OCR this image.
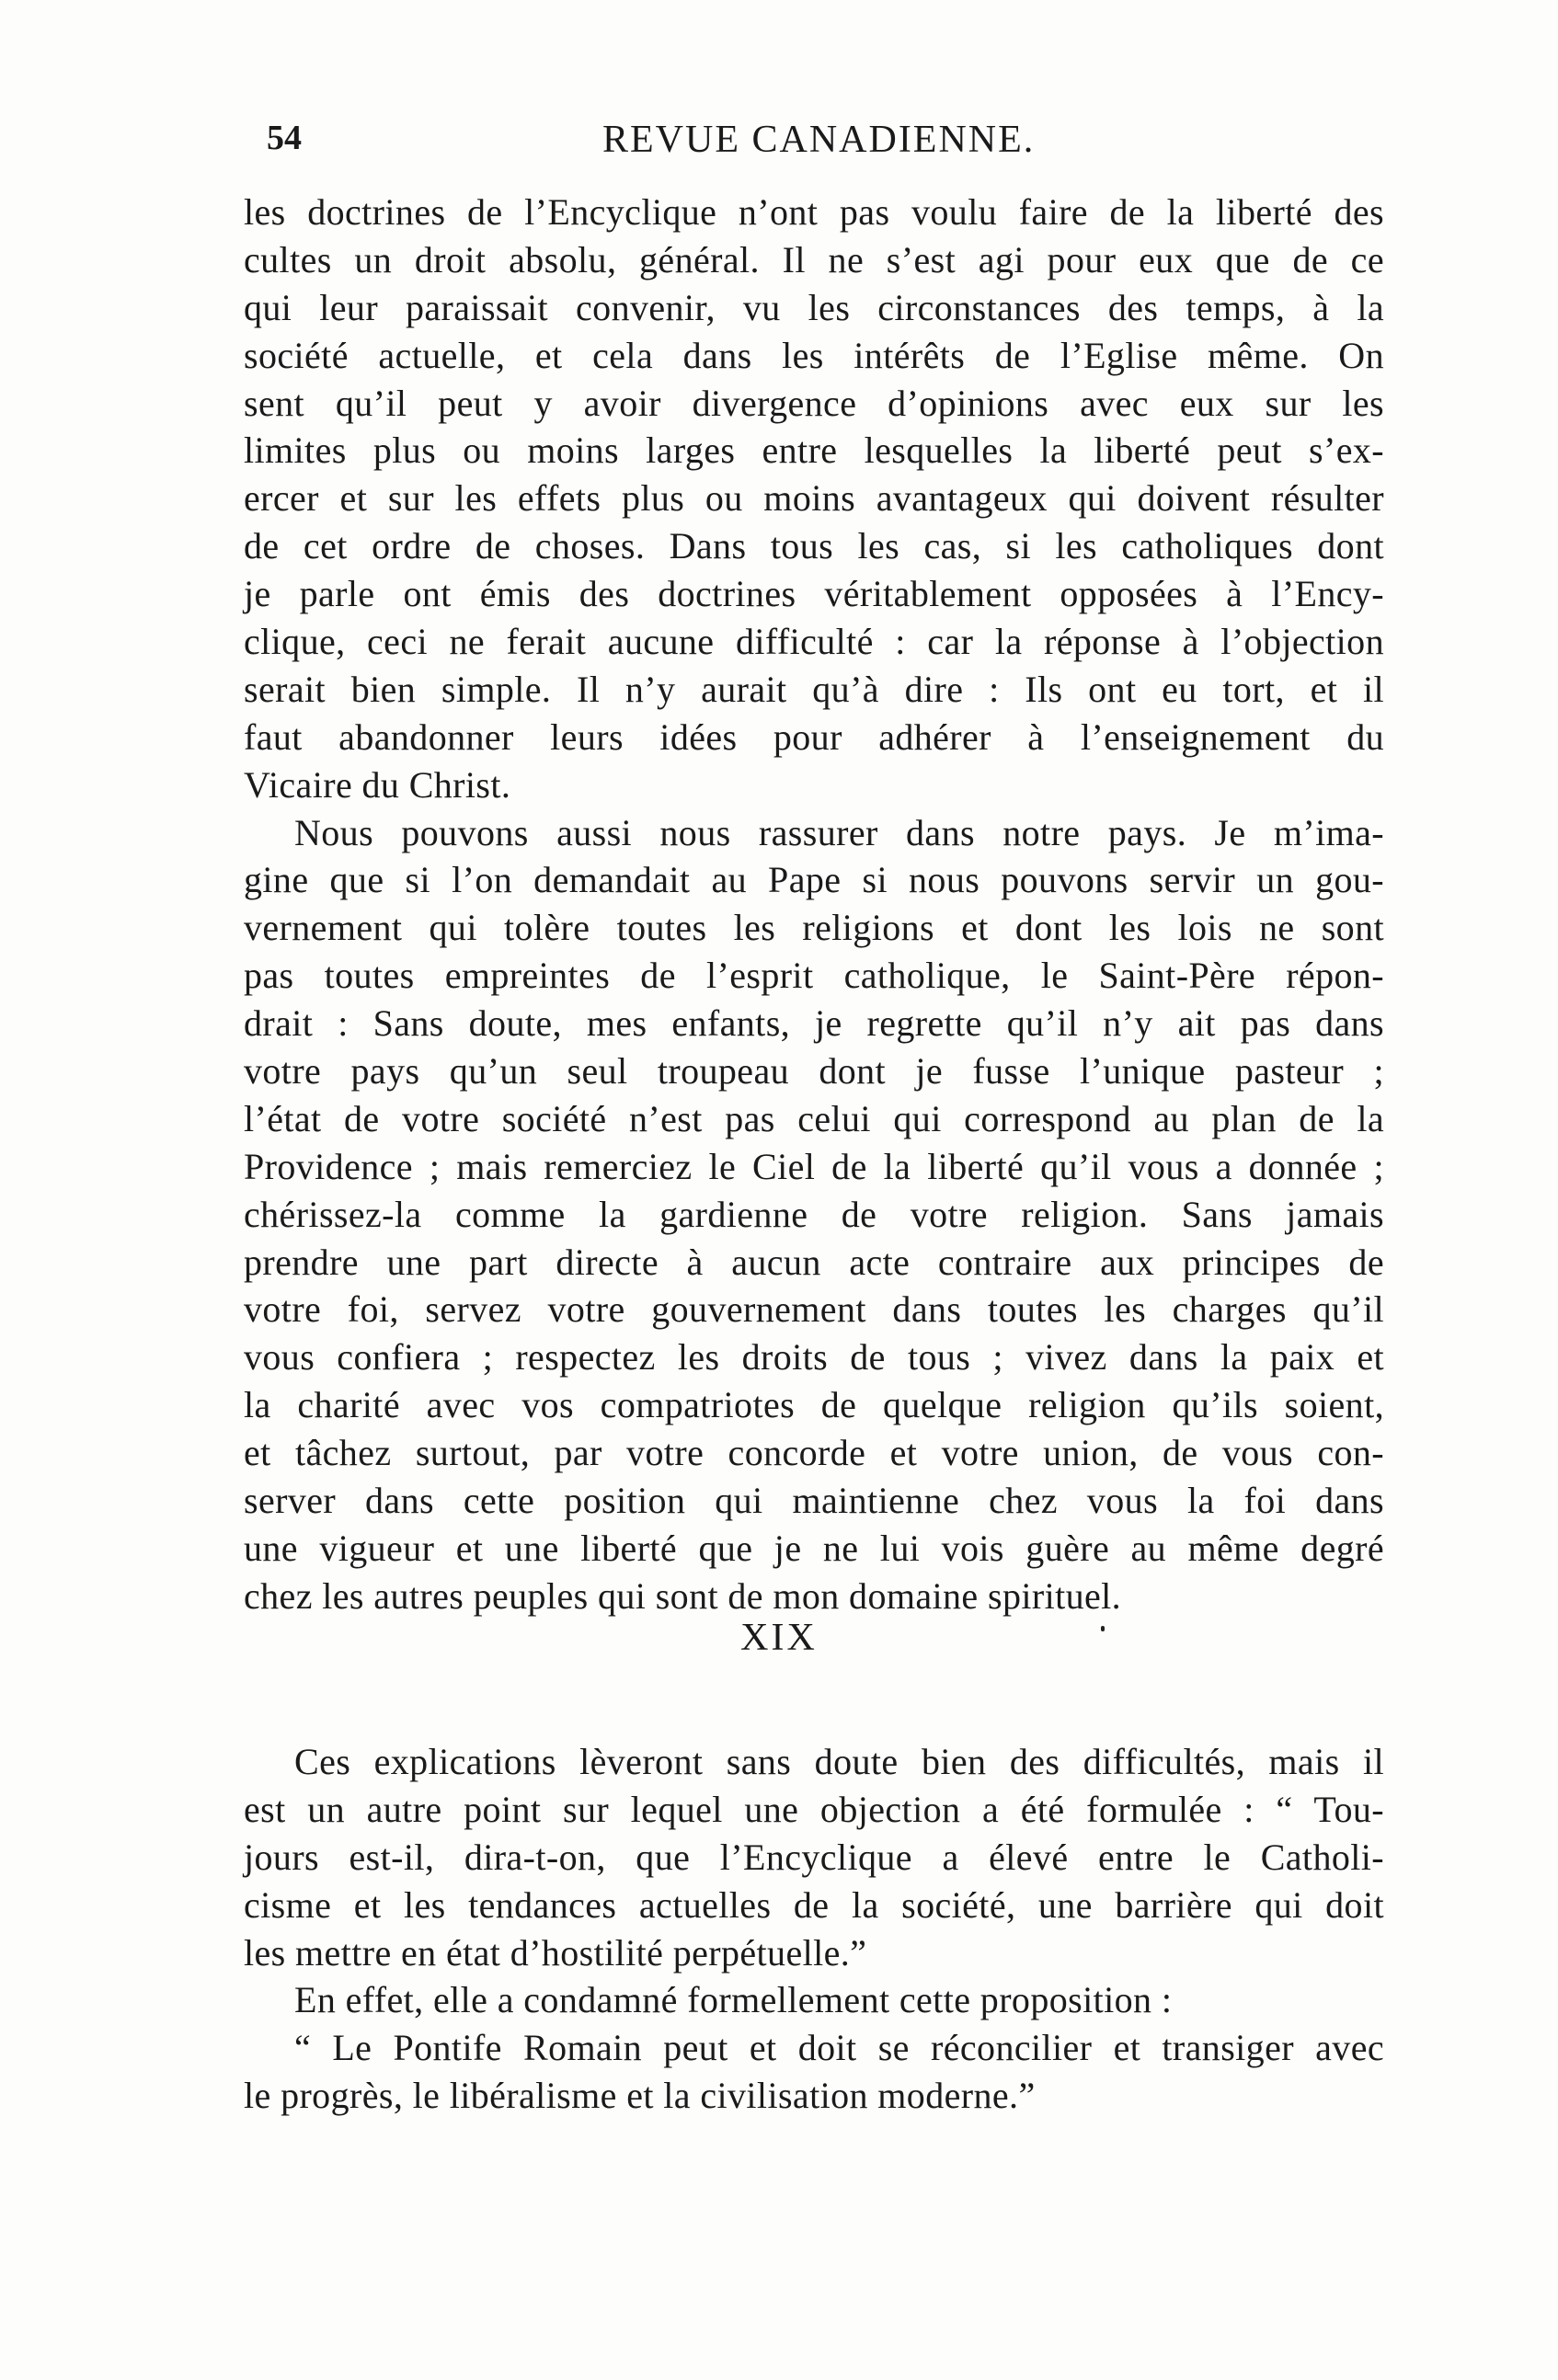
54	REVUE CANADIENNE.
les doctrines de l’Encyclique n’ont pas voulu faire de la liberté des
cultes un droit absolu, général. Il ne s’est agi pour eux que de ce
qui leur paraissait convenir, vu les circonstances des temps, à la
société actuelle, et cela dans les intérêts de l’Eglise même. On
sent qu’il peut y avoir divergence d’opinions avec eux sur les
limites plus ou moins larges entre lesquelles la liberté peut s’ex-
ercer et sur les effets plus ou moins avantageux qui doivent résulter
de cet ordre de choses. Dans tous les cas, si les catholiques dont
je parle ont émis des doctrines véritablement opposées à l’Ency-
clique, ceci ne ferait aucune difficulté : car la réponse à l’objection
serait bien simple. Il n’y aurait qu’à dire : Ils ont eu tort, et il
faut abandonner leurs idées pour adhérer à l’enseignement du
Vicaire du Christ.
Nous pouvons aussi nous rassurer dans notre pays. Je m’ima-
gine que si l’on demandait au Pape si nous pouvons servir un gou-
vernement qui tolère toutes les religions et dont les lois ne sont
pas toutes empreintes de l’esprit catholique, le Saint-Père répon-
drait : Sans doute, mes enfants, je regrette qu’il n’y ait pas dans
votre pays qu’un seul troupeau dont je fusse l’unique pasteur ;
l’état de votre société n’est pas celui qui correspond au plan de la
Providence ; mais remerciez le Ciel de la liberté qu’il vous a donnée ;
chérissez-la comme la gardienne de votre religion. Sans jamais
prendre une part directe à aucun acte contraire aux principes de
votre foi, servez votre gouvernement dans toutes les charges qu’il
vous confiera ; respectez les droits de tous ; vivez dans la paix et
la charité avec vos compatriotes de quelque religion qu’ils soient,
et tâchez surtout, par votre concorde et votre union, de vous con-
server dans cette position qui maintienne chez vous la foi dans
une vigueur et une liberté que je ne lui vois guère au même degré
chez les autres peuples qui sont de mon domaine spirituel.
XIX
Ces explications lèveront sans doute bien des difficultés, mais il
est un autre point sur lequel une objection a été formulée : “ Tou-
jours est-il, dira-t-on, que l’Encyclique a élevé entre le Catholi-
cisme et les tendances actuelles de la société, une barrière qui doit
les mettre en état d’hostilité perpétuelle.”
En effet, elle a condamné formellement cette proposition :
“ Le Pontife Romain peut et doit se réconcilier et transiger avec
le progrès, le libéralisme et la civilisation moderne.”
